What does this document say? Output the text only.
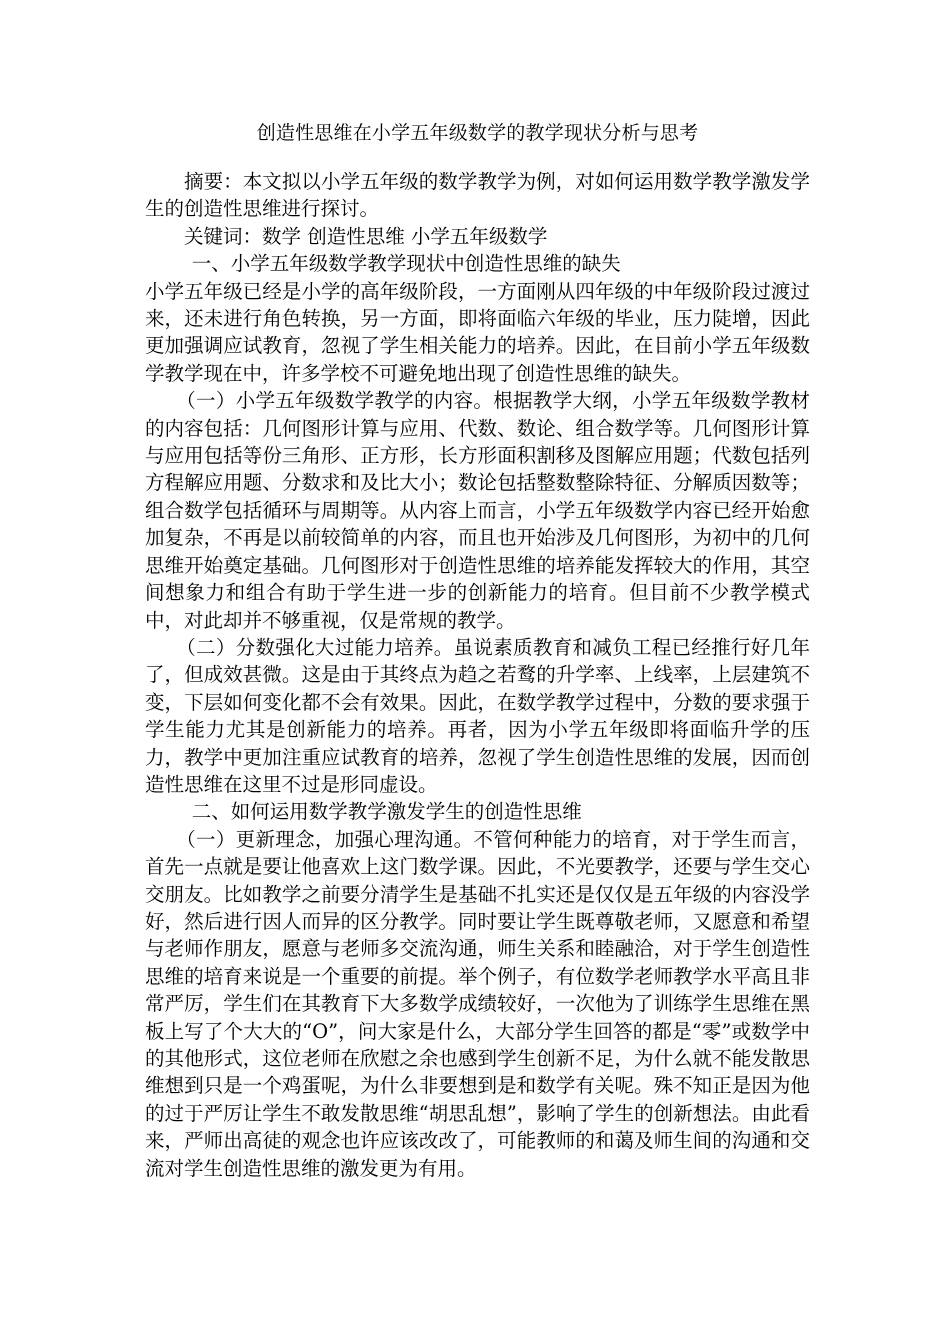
创造性思维在小学五年级数学的教学现状分析与思考

摘要：本文拟以小学五年级的数学教学为例，对如何运用数学教学激发学生的创造性思维进行探讨。

关键词：数学 创造性思维 小学五年级数学

一、小学五年级数学教学现状中创造性思维的缺失

小学五年级已经是小学的高年级阶段，一方面刚从四年级的中年级阶段过渡过来，还未进行角色转换，另一方面，即将面临六年级的毕业，压力陡增，因此更加强调应试教育，忽视了学生相关能力的培养。因此，在目前小学五年级数学教学现在中，许多学校不可避免地出现了创造性思维的缺失。

（一）小学五年级数学教学的内容。根据教学大纲，小学五年级数学教材的内容包括：几何图形计算与应用、代数、数论、组合数学等。几何图形计算与应用包括等份三角形、正方形，长方形面积割移及图解应用题；代数包括列方程解应用题、分数求和及比大小；数论包括整数整除特征、分解质因数等；组合数学包括循环与周期等。从内容上而言，小学五年级数学内容已经开始愈加复杂，不再是以前较简单的内容，而且也开始涉及几何图形，为初中的几何思维开始奠定基础。几何图形对于创造性思维的培养能发挥较大的作用，其空间想象力和组合有助于学生进一步的创新能力的培育。但目前不少教学模式中，对此却并不够重视，仅是常规的教学。

（二）分数强化大过能力培养。虽说素质教育和减负工程已经推行好几年了，但成效甚微。这是由于其终点为趋之若鹜的升学率、上线率，上层建筑不变，下层如何变化都不会有效果。因此，在数学教学过程中，分数的要求强于学生能力尤其是创新能力的培养。再者，因为小学五年级即将面临升学的压力，教学中更加注重应试教育的培养，忽视了学生创造性思维的发展，因而创造性思维在这里不过是形同虚设。

二、如何运用数学教学激发学生的创造性思维

（一）更新理念，加强心理沟通。不管何种能力的培育，对于学生而言，首先一点就是要让他喜欢上这门数学课。因此，不光要教学，还要与学生交心交朋友。比如教学之前要分清学生是基础不扎实还是仅仅是五年级的内容没学好，然后进行因人而异的区分教学。同时要让学生既尊敬老师，又愿意和希望与老师作朋友，愿意与老师多交流沟通，师生关系和睦融洽，对于学生创造性思维的培育来说是一个重要的前提。举个例子，有位数学老师教学水平高且非常严厉，学生们在其教育下大多数学成绩较好，一次他为了训练学生思维在黑板上写了个大大的“O”，问大家是什么，大部分学生回答的都是“零”或数学中的其他形式，这位老师在欣慰之余也感到学生创新不足，为什么就不能发散思维想到只是一个鸡蛋呢，为什么非要想到是和数学有关呢。殊不知正是因为他的过于严厉让学生不敢发散思维“胡思乱想”，影响了学生的创新想法。由此看来，严师出高徒的观念也许应该改改了，可能教师的和蔼及师生间的沟通和交流对学生创造性思维的激发更为有用。
